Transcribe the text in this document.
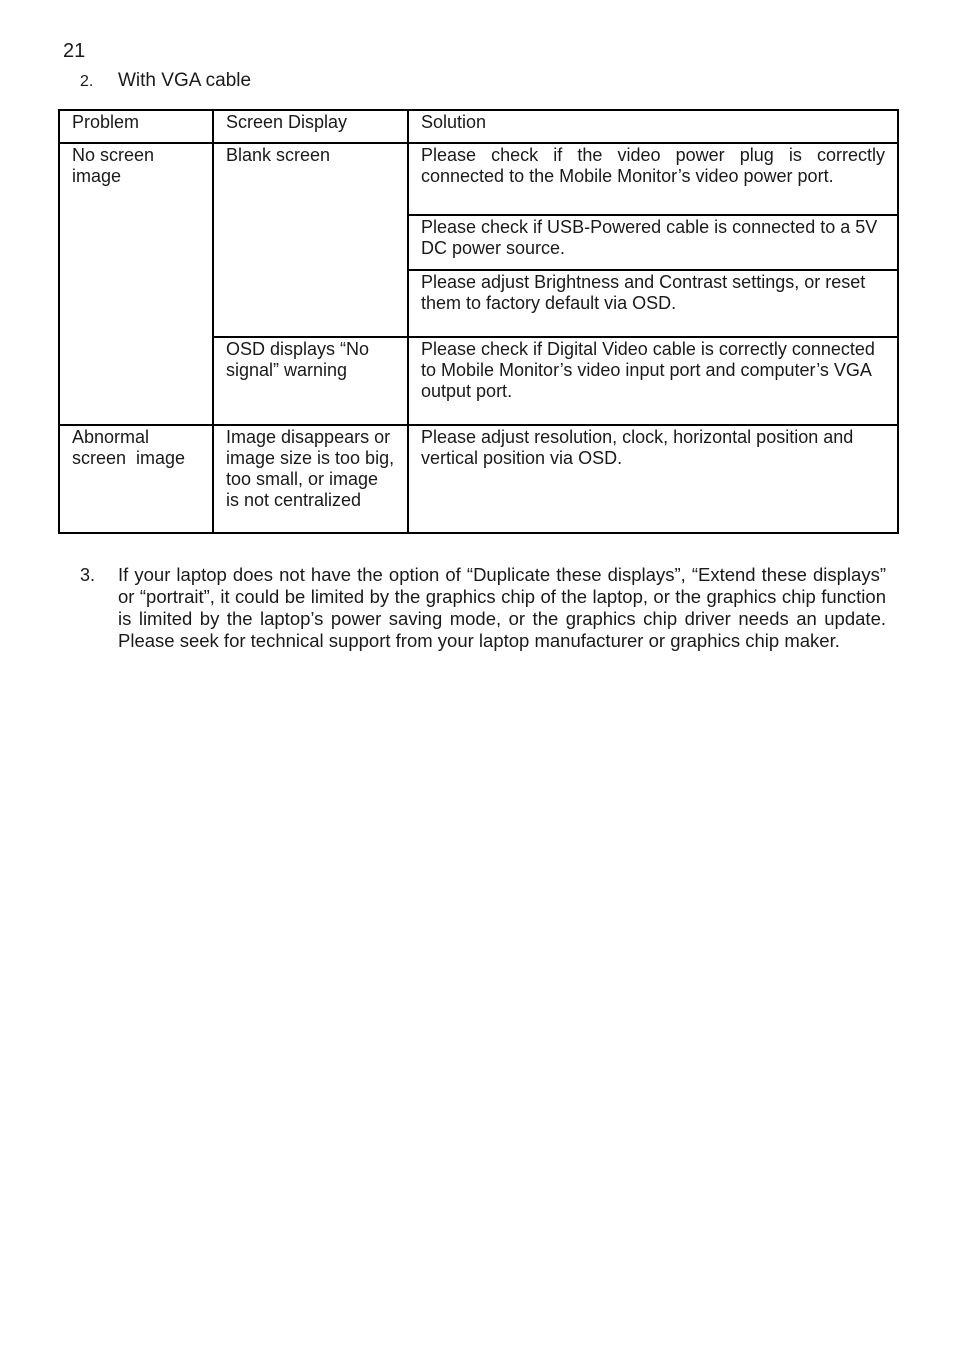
21
2. With VGA cable
Problem	Screen Display	Solution
No screen image	Blank screen	Please check if the video power plug is correctly connected to the Mobile Monitor’s video power port.
		Please check if USB-Powered cable is connected to a 5V DC power source.
		Please adjust Brightness and Contrast settings, or reset them to factory default via OSD.
	OSD displays “No signal” warning	Please check if Digital Video cable is correctly connected to Mobile Monitor’s video input port and computer’s VGA output port.
Abnormal screen  image	Image disappears or image size is too big, too small, or image is not centralized	Please adjust resolution, clock, horizontal position and vertical position via OSD.
3. If your laptop does not have the option of “Duplicate these displays”, “Extend these displays” or “portrait”, it could be limited by the graphics chip of the laptop, or the graphics chip function is limited by the laptop’s power saving mode, or the graphics chip driver needs an update. Please seek for technical support from your laptop manufacturer or graphics chip maker.
